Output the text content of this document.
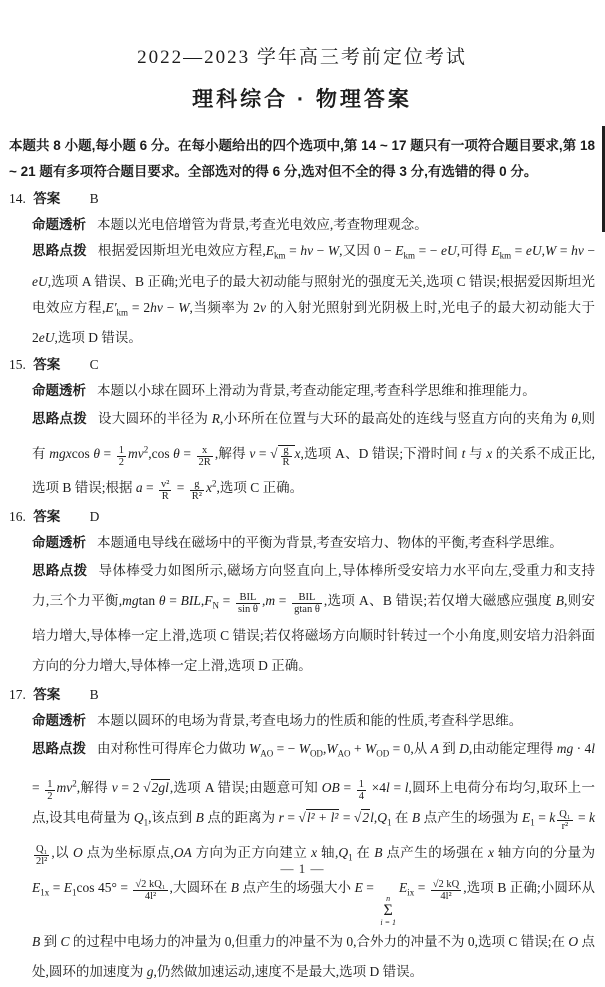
2022—2023 学年高三考前定位考试
理科综合 · 物理答案
本题共 8 小题,每小题 6 分。在每小题给出的四个选项中,第 14 ~ 17 题只有一项符合题目要求,第 18 ~ 21 题有多项符合题目要求。全部选对的得 6 分,选对但不全的得 3 分,有选错的得 0 分。
14. 答案 B
命题透析 本题以光电倍增管为背景,考查光电效应,考查物理观念。
思路点拨 根据爱因斯坦光电效应方程$,E_{km} = h\nu - W$,又因 $0 - E_{km}$ = − eU,可得 $E_{km} = eU,W = h\nu$ − eU,选项 A 错误、B 正确;光电子的最大初动能与照射光的强度无关,选项 C 错误;根据爱因斯坦光电效应方程$,E'_{km} = 2h\nu - W$,当频率为 2ν 的入射光照射到光阴极上时,光电子的最大初动能大于 2eU,选项 D 错误。
15. 答案 C
命题透析 本题以小球在圆环上滑动为背景,考查动能定理,考查科学思维和推理能力。
思路点拨 设大圆环的半径为 R,小环所在位置与大环的最高处的连线与竖直方向的夹角为 θ,则有 mgxcos $\theta = \frac{1}{2} mv^2,\cos$ $\theta = \frac{x}{2R}$ ,解得 v = √ $\frac{g}{R} x$,选项 A、D 错误;下滑时间 t 与 x 的关系不成正比,选项 B 错误;根据 $a = \frac{\text{v²}}{R} = \frac{g}{\text{R²}} x^2$,选项 C 正确。
16. 答案 D
命题透析 本题通电导线在磁场中的平衡为背景,考查安培力、物体的平衡,考查科学思维。
思路点拨 导体棒受力如图所示,磁场方向竖直向上,导体棒所受安培力水平向左,受重力和支持力,三个力平衡,mgtan $\theta = BIL,F_N = \frac{\text{BIL}}{\text{sin θ}} ,m = \frac{\text{BIL}}{\text{gtan θ}}$ ,选项 A、B 错误;若仅增大磁感应强度 B,则安培力增大,导体棒一定上滑,选项 C 错误;若仅将磁场方向顺时针转过一个小角度,则安培力沿斜面方向的分力增大,导体棒一定上滑,选项 D 正确。
17. 答案 B
命题透析 本题以圆环的电场为背景,考查电场力的性质和能的性质,考查科学思维。
思路点拨 由对称性可得库仑力做功 $W_{AO}$ = − $W_{OD},W_{AO} + W_{OD} = 0$,从 A 到 D,由动能定理得 mg · $4l = \frac{1}{2} mv^2$,解得 v = 2 √2gl,选项 A 错误;由题意可知 OB = $\frac{1}{4} \times 4l = l$,圆环上电荷分布均匀,取环上一点,设其电荷量为 $Q_1$,该点到 B 点的距离为 $r = √l^2 + l^2 = √2l,Q_1$ 在 B 点产生的场强为 $E_1 = k \frac{\text{Q₁}}{\text{r²}} = k$
$\frac{\text{Q₁}}{\text{2l²}}$ ,以 O 点为坐标原点,OA 方向为正方向建立 x 轴$,Q_1$ 在 B 点产生的场强在 x 轴方向的分量为 $E_{1x} = E_1\cos$ $45^\circ = \frac{\text{√2 kQ₁}}{\text{4l²}}$ ,大圆环在 B 点产生的场强大小 E =
n
Σ
i = 1
$E_{ix} = \frac{√2 kQ}{\text{4l²}}$ ,选项 B 正确;小圆环从 B 到 C 的过程中电场力的冲量为 0,但重力的冲量不为 0,合外力的冲量不为 0,选项 C 错误;在 O 点处,圆环的加速度为 g,仍然做加速运动,速度不是最大,选项 D 错误。
— 1 —
